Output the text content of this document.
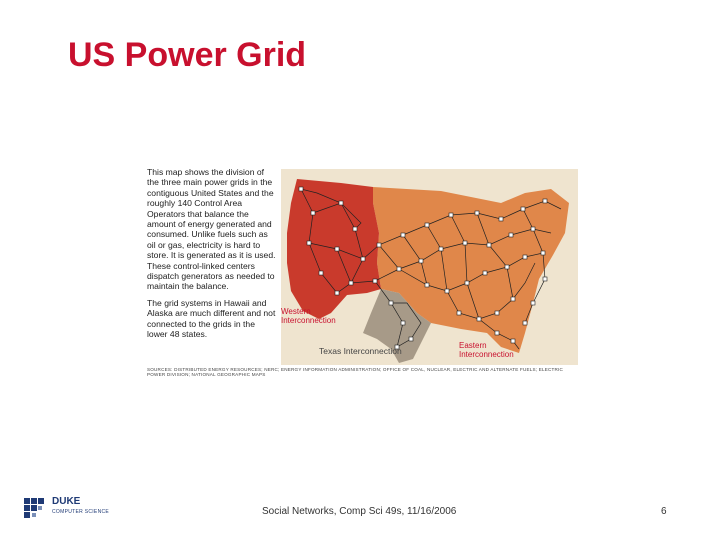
US Power Grid

This map shows the division of the three main power grids in the contiguous United States and the roughly 140 Control Area Operators that balance the amount of energy generated and consumed. Unlike fuels such as oil or gas, electricity is hard to store. It is generated as it is used. These control-linked centers dispatch generators as needed to maintain the balance.

The grid systems in Hawaii and Alaska are much different and not connected to the grids in the lower 48 states.

Western Interconnection
Texas Interconnection
Eastern Interconnection
SOURCES: DISTRIBUTED ENERGY RESOURCES; NERC; ENERGY INFORMATION ADMINISTRATION; OFFICE OF COAL, NUCLEAR, ELECTRIC AND ALTERNATE FUELS; ELECTRIC POWER DIVISION; NATIONAL GEOGRAPHIC MAPS
DUKE
COMPUTER SCIENCE	Social Networks, Comp Sci 49s, 11/16/2006	6
